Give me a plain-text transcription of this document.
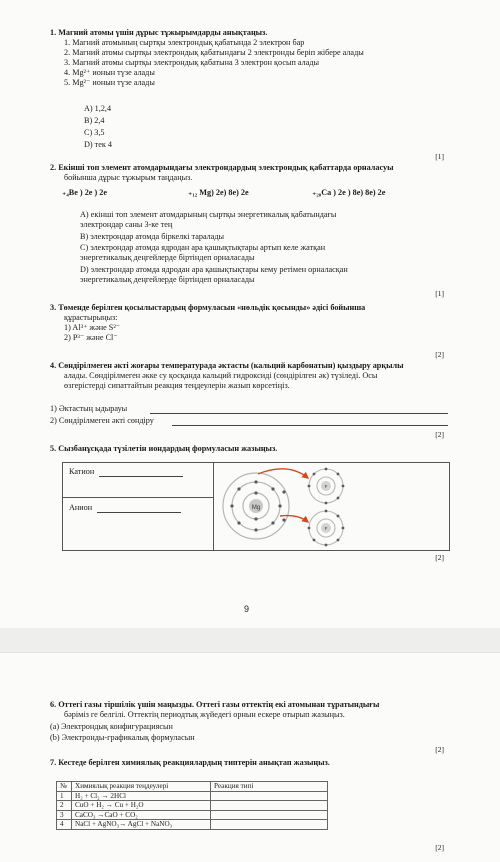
1. Магний атомы үшін дұрыс тұжырымдарды анықтаңыз.
1. Магний атомының сыртқы электрондық қабатында 2 электрон бар
2. Магний атомы сыртқы электрондық қабатындағы 2 электронды беріп жібере алады
3. Магний атомы сыртқы электрондық қабатына 3 электрон қосып алады
4. Mg²⁺ ионын түзе алады
5. Mg²⁻ ионын түзе алады
A) 1,2,4
B) 2,4
C) 3,5
D) тек 4
[1]
2. Екінші топ элемент атомдарындағы электрондардың электрондық қабаттарда орналасуы
бойынша дұрыс тұжырым таңдаңыз.
₊₄Be ) 2e ) 2e	₊₁₂ Mg) 2e) 8e) 2e	₊₂₀Ca ) 2e ) 8e) 8e) 2e
A) екінші топ элемент атомдарының сыртқы энергетикалық қабатындағы
электрондар саны 3-ке тең
B) электрондар атомда біркелкі таралады
C) электрондар атомда ядродан ара қашықтықтары артып келе жатқан
энергетикалық деңгейлерде біртіндеп орналасады
D) электрондар атомда ядродан ара қашықтықтары кему ретімен орналасқан
энергетикалық деңгейлерде біртіндеп орналасады
[1]
3. Төменде берілген қосылыстардың формуласын «нөльдік қосынды» әдісі бойынша
құрастырыңыз:
1) Al³⁺ және S²⁻
2) P³⁻ және Cl⁻
[2]
4. Сөндірілмеген әкті жоғары температурада әктасты (кальций карбонатын) қыздыру арқылы
алады. Сөндірілмеген әкке су қосқанда кальций гидроксиді (сөндірілген әк) түзіледі. Осы
өзгерістерді сипаттайтын реакция теңдеулерін жазып көрсетіңіз.
1) Әктастың ыдырауы
2) Сөндірілмеген әкті сөндіру
[2]
5. Сызбанұсқада түзілетін иондардың формуласын жазыңыз.
Катион
Анион	Mg
F
F
[2]
9
6. Оттегі газы тіршілік үшін маңызды. Оттегі газы оттектің екі атомынан тұратындығы
бәріміз ге белгілі. Оттектің периодтық жүйедегі орнын ескере отырып жазыңыз.
(a) Электрондық конфигурациясын
(b) Электронды-графикалық формуласын
[2]
7. Кестеде берілген химиялық реакциялардың типтерін анықтап жазыңыз.
№	Химиялық реакция теңдеулері	Реакция типі
1	H₂ + Cl₂ → 2HCl	
2	CuO + H₂ → Cu + H₂O	
3	CaCO₃ →CaO + CO₂	
4	NaCl + AgNO₃→ AgCl + NaNO₃	
[2]
